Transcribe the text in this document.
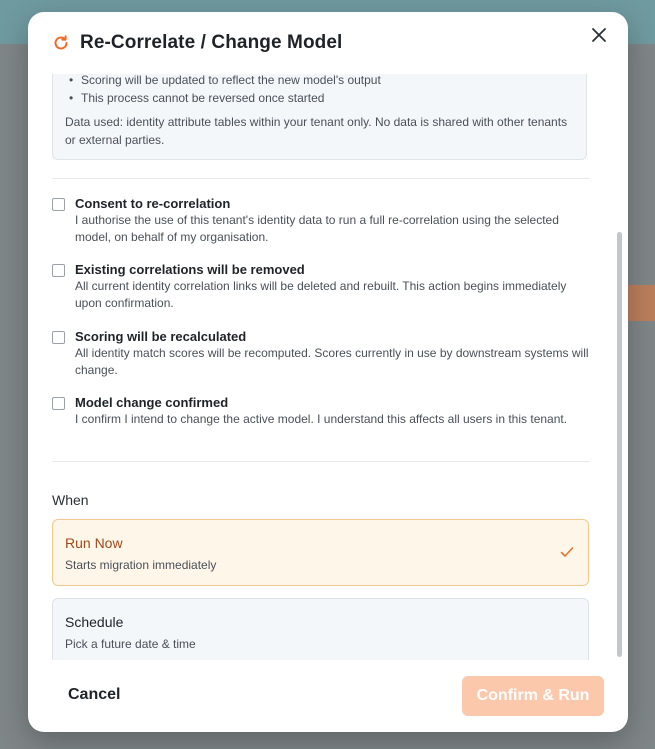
Re-Correlate / Change Model
• Scoring will be updated to reflect the new model's output
• This process cannot be reversed once started
Data used: identity attribute tables within your tenant only. No data is shared with other tenants or external parties.
Consent to re-correlation
I authorise the use of this tenant's identity data to run a full re-correlation using the selected model, on behalf of my organisation.
Existing correlations will be removed
All current identity correlation links will be deleted and rebuilt. This action begins immediately upon confirmation.
Scoring will be recalculated
All identity match scores will be recomputed. Scores currently in use by downstream systems will change.
Model change confirmed
I confirm I intend to change the active model. I understand this affects all users in this tenant.
When
Run Now
Starts migration immediately
Schedule
Pick a future date & time
Cancel	Confirm & Run
